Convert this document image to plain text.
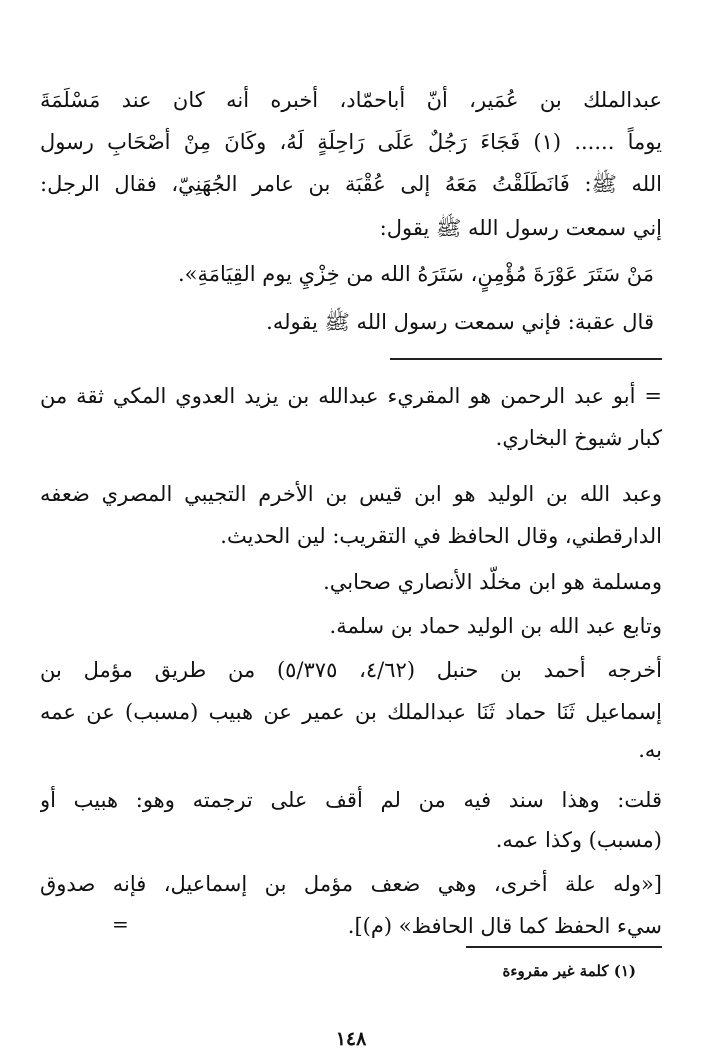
عبدالملك بن عُمَير، أنّ أباحمّاد، أخبره أنه كان عند مَسْلَمَةَ
يوماً ...... (١) فَجَاءَ رَجُلٌ عَلَى رَاحِلَةٍ لَهُ، وكَانَ مِنْ أصْحَابِ رسول
الله ﷺ: فَانَطَلَقْتُ مَعَهُ إلى عُقْبَة بن عامر الجُهَنِيّ، فقال الرجل:
إني سمعت رسول الله ﷺ يقول:
مَنْ سَتَرَ عَوْرَةَ مُؤْمِنٍ، سَتَرَهُ الله من خِزْيِ يوم القِيَامَةِ».
قال عقبة: فإني سمعت رسول الله ﷺ يقوله.
= أبو عبد الرحمن هو المقريء عبدالله بن يزيد العدوي المكي ثقة من
كبار شيوخ البخاري.
وعبد الله بن الوليد هو ابن قيس بن الأخرم التجيبي المصري ضعفه
الدارقطني، وقال الحافظ في التقريب: لين الحديث.
ومسلمة هو ابن مخلّد الأنصاري صحابي.
وتابع عبد الله بن الوليد حماد بن سلمة.
أخرجه أحمد بن حنبل (٤/٦٢، ٥/٣٧٥) من طريق مؤمل بن
إسماعيل ثَنَا حماد ثَنَا عبدالملك بن عمير عن هبيب (مسبب) عن عمه
به.
قلت: وهذا سند فيه من لم أقف على ترجمته وهو: هبيب أو
(مسبب) وكذا عمه.
[«وله علة أخرى، وهي ضعف مؤمل بن إسماعيل، فإنه صدوق
سيء الحفظ كما قال الحافظ» (م)].
=
(١) كلمة غير مقروءة
١٤٨
